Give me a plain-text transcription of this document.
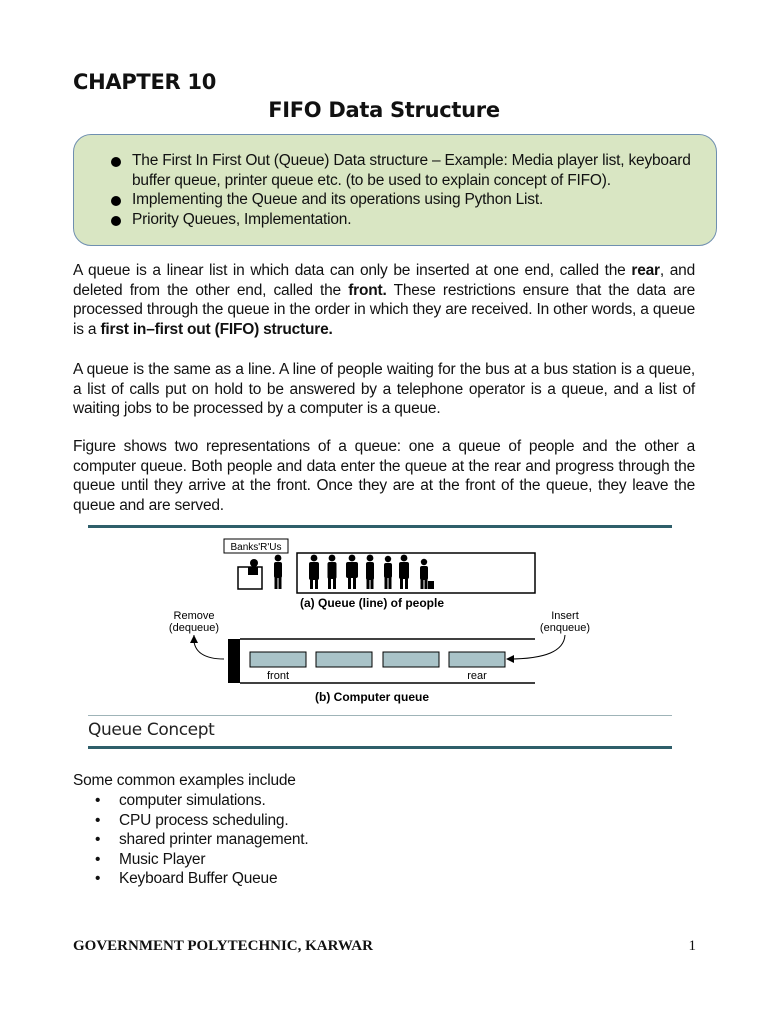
CHAPTER 10
FIFO Data Structure
The First In First Out (Queue) Data structure – Example: Media player list, keyboard buffer queue, printer queue etc. (to be used to explain concept of FIFO).
Implementing the Queue and its operations using Python List.
Priority Queues, Implementation.
A queue is a linear list in which data can only be inserted at one end, called the rear, and deleted from the other end, called the front. These restrictions ensure that the data are processed through the queue in the order in which they are received. In other words, a queue is a first in–first out (FIFO) structure.
A queue is the same as a line. A line of people waiting for the bus at a bus station is a queue, a list of calls put on hold to be answered by a telephone operator is a queue, and a list of waiting jobs to be processed by a computer is a queue.
Figure shows two representations of a queue: one a queue of people and the other a computer queue. Both people and data enter the queue at the rear and progress through the queue until they arrive at the front. Once they are at the front of the queue, they leave the queue and are served.
Banks'R'Us
(a) Queue (line) of people
Remove
(dequeue)
Insert
(enqueue)
front	rear
(b) Computer queue
Queue Concept
Some common examples include
• computer simulations.
• CPU process scheduling.
• shared printer management.
• Music Player
• Keyboard Buffer Queue
GOVERNMENT POLYTECHNIC, KARWAR	1
